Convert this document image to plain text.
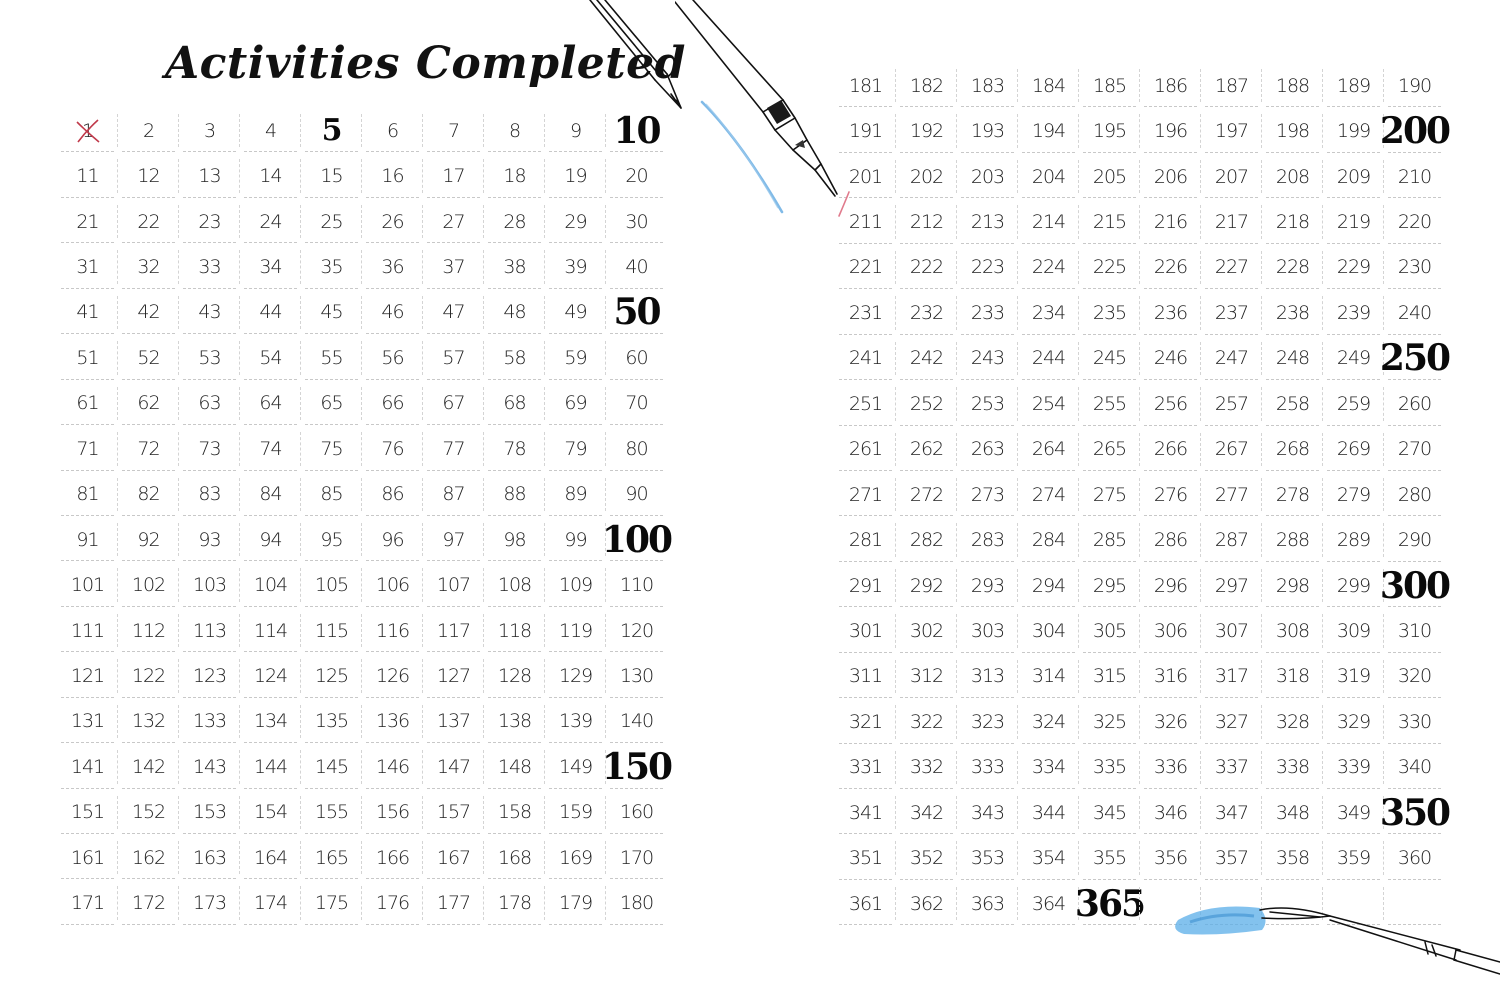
Activities Completed
1	2	3	4 5 6	7	8	9 10
11 12 13 14 15 16 17 18 19 20
21 22 23 24 25 26 27 28 29 30
31 32 33 34 35 36 37 38 39 40
41 42 43 44 45 46 47 48 49 50
51 52 53 54 55 56 57 58 59 60
61 62 63 64 65 66 67 68 69 70
71 72 73 74 75 76 77 78 79 80
81 82 83 84 85 86 87 88 89 90
91 92 93 94 95 96 97 98 99 100
101 102 103 104 105 106 107 108 109 110
111 112 113 114 115 116 117 118 119 120
121 122 123 124 125 126 127 128 129 130
131 132 133 134 135 136 137 138 139 140
141 142 143 144 145 146 147 148 149 150
151 152 153 154 155 156 157 158 159 160
161 162 163 164 165 166 167 168 169 170
171 172 173 174 175 176 177 178 179 180
181 182 183 184 185 186 187 188 189 190
191 192 193 194 195 196 197 198 199 200
201 202 203 204 205 206 207 208 209 210
211 212 213 214 215 216 217 218 219 220
221 222 223 224 225 226 227 228 229 230
231 232 233 234 235 236 237 238 239 240
241 242 243 244 245 246 247 248 249 250
251 252 253 254 255 256 257 258 259 260
261 262 263 264 265 266 267 268 269 270
271 272 273 274 275 276 277 278 279 280
281 282 283 284 285 286 287 288 289 290
291 292 293 294 295 296 297 298 299 300
301 302 303 304 305 306 307 308 309 310
311 312 313 314 315 316 317 318 319 320
321 322 323 324 325 326 327 328 329 330
331 332 333 334 335 336 337 338 339 340
341 342 343 344 345 346 347 348 349 350
351 352 353 354 355 356 357 358 359 360
361 362 363 364 365
